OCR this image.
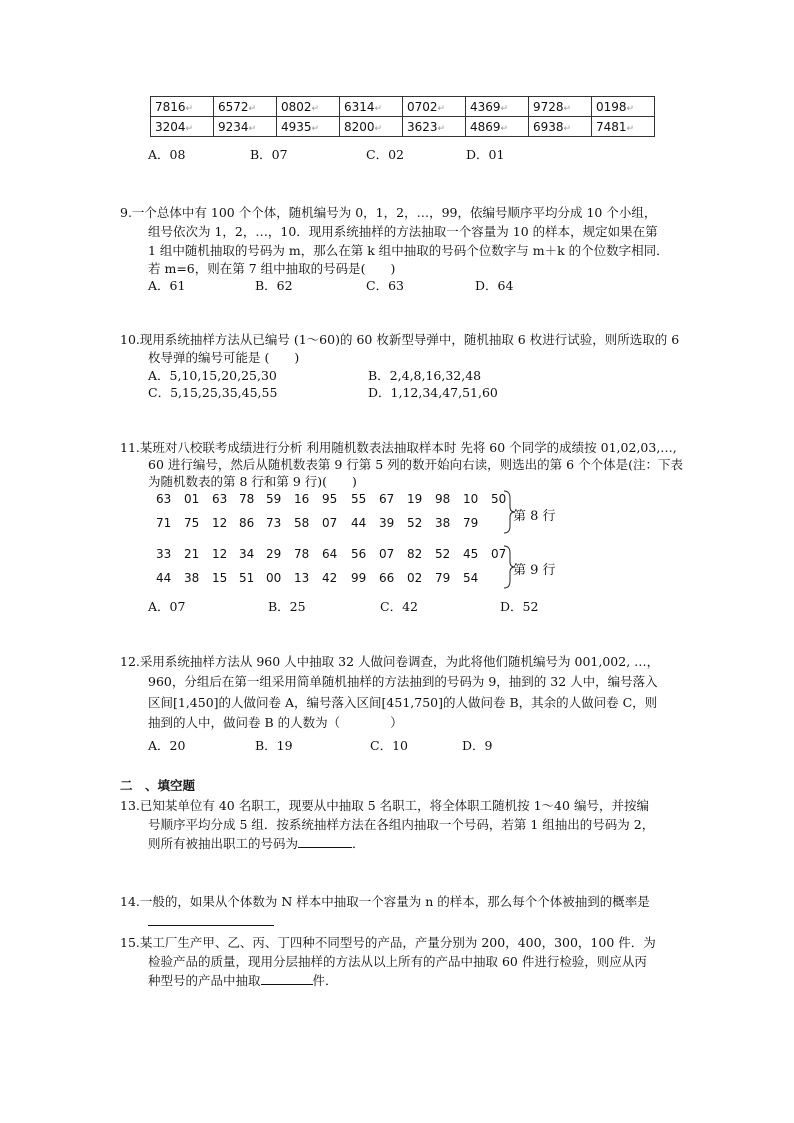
7816↵	6572↵	0802↵	6314↵	0702↵	4369↵	9728↵	0198↵
3204↵	9234↵	4935↵	8200↵	3623↵	4869↵	6938↵	7481↵
A．08	B．07	C．02	D．01
9.一个总体中有 100 个个体，随机编号为 0，1，2，…，99，依编号顺序平均分成 10 个小组，
组号依次为 1，2，…，10．现用系统抽样的方法抽取一个容量为 10 的样本，规定如果在第
1 组中随机抽取的号码为 m，那么在第 k 组中抽取的号码个位数字与 m＋k 的个位数字相同．
若 m=6，则在第 7 组中抽取的号码是(　　)
A．61	B．62	C．63	D．64
10.现用系统抽样方法从已编号 (1～60)的 60 枚新型导弹中，随机抽取 6 枚进行试验，则所选取的 6
枚导弹的编号可能是 (　　)
A．5,10,15,20,25,30	B．2,4,8,16,32,48
C．5,15,25,35,45,55	D．1,12,34,47,51,60
11.某班对八校联考成绩进行分析 利用随机数表法抽取样本时 先将 60 个同学的成绩按 01,02,03,…,
60 进行编号，然后从随机数表第 9 行第 5 列的数开始向右读，则选出的第 6 个个体是(注：下表
为随机数表的第 8 行和第 9 行)(　　)
63 01 63 78 59 16 95 55 67 19 98 10 50
71 75 12 86 73 58 07 44 39 52 38 79	第 8 行
33 21 12 34 29 78 64 56 07 82 52 45 07
44 38 15 51 00 13 42 99 66 02 79 54	第 9 行
A．07	B．25	C．42	D．52
12.采用系统抽样方法从 960 人中抽取 32 人做问卷调查，为此将他们随机编号为 001,002, …，
960，分组后在第一组采用简单随机抽样的方法抽到的号码为 9，抽到的 32 人中，编号落入
区间[1,450]的人做问卷 A，编号落入区间[451,750]的人做问卷 B，其余的人做问卷 C，则
抽到的人中，做问卷 B 的人数为（　　　　）
A．20	B．19	C．10	D．9
二　、填空题
13.已知某单位有 40 名职工，现要从中抽取 5 名职工，将全体职工随机按 1～40 编号，并按编
号顺序平均分成 5 组．按系统抽样方法在各组内抽取一个号码，若第 1 组抽出的号码为 2，
则所有被抽出职工的号码为	．
14.一般的，如果从个体数为 N 样本中抽取一个容量为 n 的样本，那么每个个体被抽到的概率是
15.某工厂生产甲、乙、丙、丁四种不同型号的产品，产量分别为 200，400，300，100 件．为
检验产品的质量，现用分层抽样的方法从以上所有的产品中抽取 60 件进行检验，则应从丙
种型号的产品中抽取	件．
